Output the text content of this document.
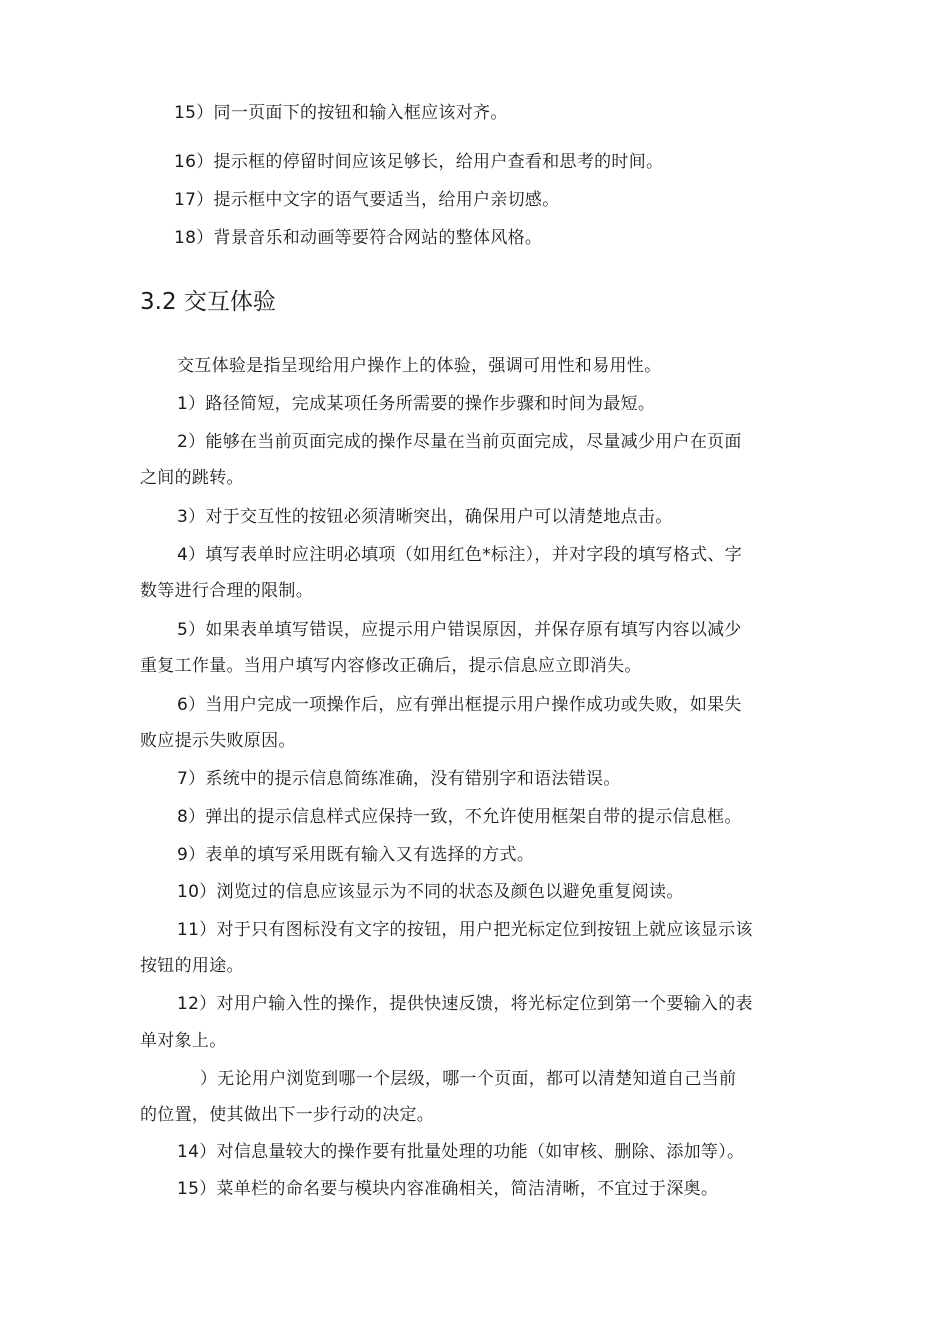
15）同一页面下的按钮和输入框应该对齐。
16）提示框的停留时间应该足够长，给用户查看和思考的时间。
17）提示框中文字的语气要适当，给用户亲切感。
18）背景音乐和动画等要符合网站的整体风格。
3.2 交互体验
交互体验是指呈现给用户操作上的体验，强调可用性和易用性。
1）路径简短，完成某项任务所需要的操作步骤和时间为最短。
2）能够在当前页面完成的操作尽量在当前页面完成，尽量减少用户在页面
之间的跳转。
3）对于交互性的按钮必须清晰突出，确保用户可以清楚地点击。
4）填写表单时应注明必填项（如用红色*标注），并对字段的填写格式、字
数等进行合理的限制。
5）如果表单填写错误，应提示用户错误原因，并保存原有填写内容以减少
重复工作量。当用户填写内容修改正确后，提示信息应立即消失。
6）当用户完成一项操作后，应有弹出框提示用户操作成功或失败，如果失
败应提示失败原因。
7）系统中的提示信息简练准确，没有错别字和语法错误。
8）弹出的提示信息样式应保持一致，不允许使用框架自带的提示信息框。
9）表单的填写采用既有输入又有选择的方式。
10）浏览过的信息应该显示为不同的状态及颜色以避免重复阅读。
11）对于只有图标没有文字的按钮，用户把光标定位到按钮上就应该显示该
按钮的用途。
12）对用户输入性的操作，提供快速反馈，将光标定位到第一个要输入的表
单对象上。
）无论用户浏览到哪一个层级，哪一个页面，都可以清楚知道自己当前
的位置，使其做出下一步行动的决定。
14）对信息量较大的操作要有批量处理的功能（如审核、删除、添加等）。
15）菜单栏的命名要与模块内容准确相关，简洁清晰，不宜过于深奥。
